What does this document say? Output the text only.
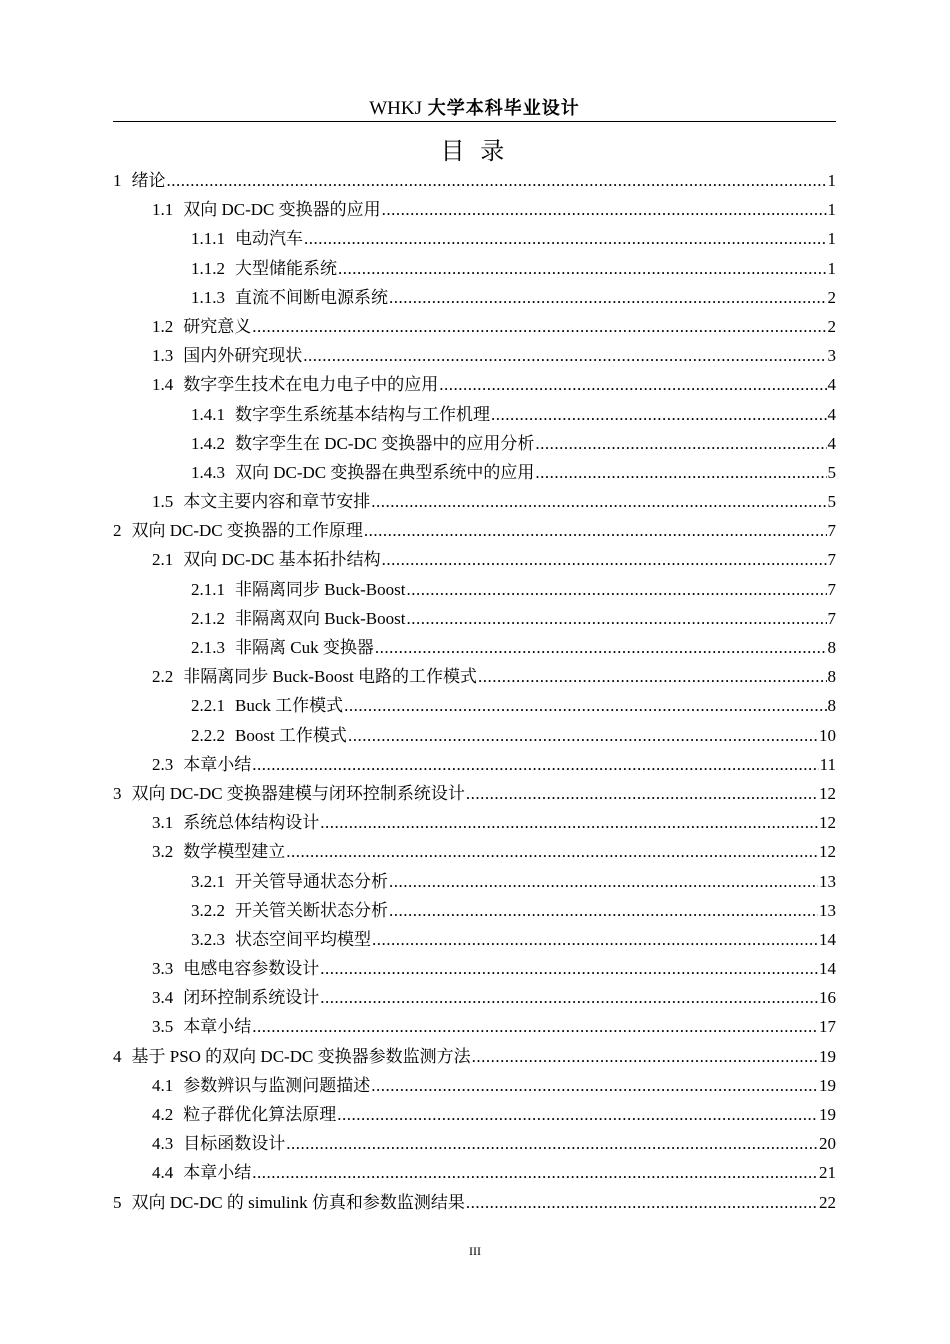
WHKJ 大学本科毕业设计
目 录
1 绪论 .....	1
1.1 双向 DC-DC 变换器的应用 .....	1
1.1.1 电动汽车 .....	1
1.1.2 大型储能系统 .....	1
1.1.3 直流不间断电源系统 .....	2
1.2 研究意义 .....	2
1.3 国内外研究现状 .....	3
1.4 数字孪生技术在电力电子中的应用 .....	4
1.4.1 数字孪生系统基本结构与工作机理 .....	4
1.4.2 数字孪生在 DC-DC 变换器中的应用分析 .....	4
1.4.3 双向 DC-DC 变换器在典型系统中的应用 .....	5
1.5 本文主要内容和章节安排 .....	5
2 双向 DC-DC 变换器的工作原理 .....	7
2.1 双向 DC-DC 基本拓扑结构 .....	7
2.1.1 非隔离同步 Buck-Boost .....	7
2.1.2 非隔离双向 Buck-Boost .....	7
2.1.3 非隔离 Cuk 变换器 .....	8
2.2 非隔离同步 Buck-Boost 电路的工作模式 .....	8
2.2.1 Buck 工作模式 .....	8
2.2.2 Boost 工作模式 .....	10
2.3 本章小结 .....	11
3 双向 DC-DC 变换器建模与闭环控制系统设计 .....	12
3.1 系统总体结构设计 .....	12
3.2 数学模型建立 .....	12
3.2.1 开关管导通状态分析 .....	13
3.2.2 开关管关断状态分析 .....	13
3.2.3 状态空间平均模型 .....	14
3.3 电感电容参数设计 .....	14
3.4 闭环控制系统设计 .....	16
3.5 本章小结 .....	17
4 基于 PSO 的双向 DC-DC 变换器参数监测方法 .....	19
4.1 参数辨识与监测问题描述 .....	19
4.2 粒子群优化算法原理 .....	19
4.3 目标函数设计 .....	20
4.4 本章小结 .....	21
5 双向 DC-DC 的 simulink 仿真和参数监测结果 .....	22
III
